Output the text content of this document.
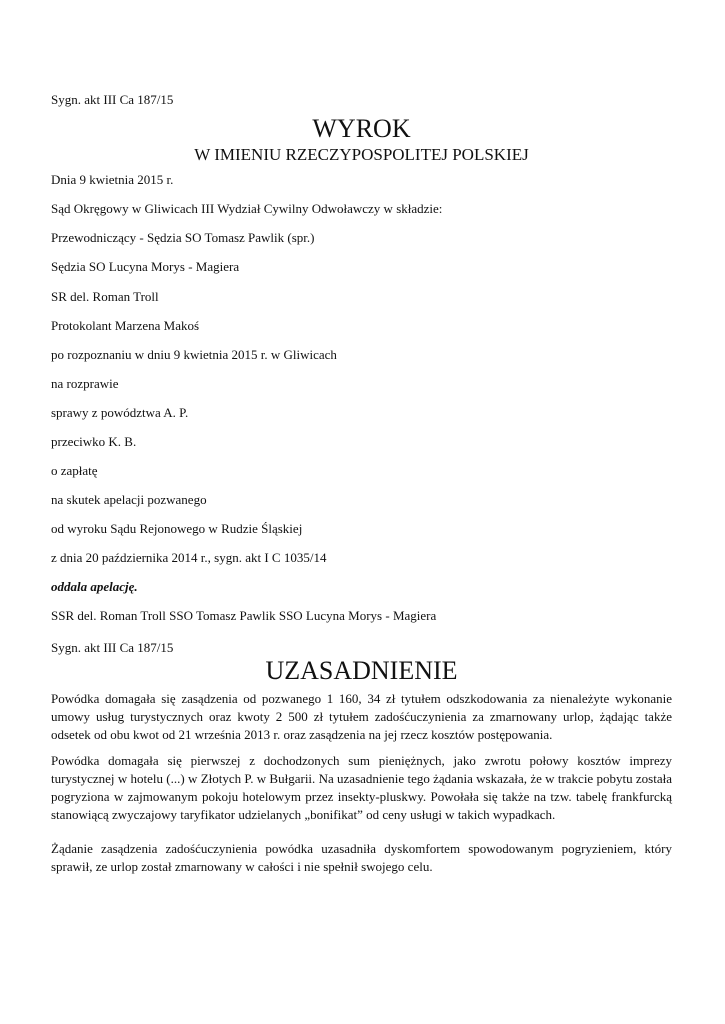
Sygn. akt III Ca 187/15
WYROK
W IMIENIU RZECZYPOSPOLITEJ POLSKIEJ
Dnia 9 kwietnia 2015 r.
Sąd Okręgowy w Gliwicach III Wydział Cywilny Odwoławczy w składzie:
Przewodniczący - Sędzia SO Tomasz Pawlik (spr.)
Sędzia SO Lucyna Morys - Magiera
SR del. Roman Troll
Protokolant Marzena Makoś
po rozpoznaniu w dniu 9 kwietnia 2015 r. w Gliwicach
na rozprawie
sprawy z powództwa A. P.
przeciwko K. B.
o zapłatę
na skutek apelacji pozwanego
od wyroku Sądu Rejonowego w Rudzie Śląskiej
z dnia 20 października 2014 r., sygn. akt I C 1035/14
oddala apelację.
SSR del. Roman Troll SSO Tomasz Pawlik SSO Lucyna Morys - Magiera
Sygn. akt III Ca 187/15
UZASADNIENIE
Powódka domagała się zasądzenia od pozwanego 1 160, 34 zł tytułem odszkodowania za nienależyte wykonanie umowy usług turystycznych oraz kwoty 2 500 zł tytułem zadośćuczynienia za zmarnowany urlop, żądając także odsetek od obu kwot od 21 września 2013 r. oraz zasądzenia na jej rzecz kosztów postępowania.
Powódka domagała się pierwszej z dochodzonych sum pieniężnych, jako zwrotu połowy kosztów imprezy turystycznej w hotelu (...) w Złotych P. w Bułgarii. Na uzasadnienie tego żądania wskazała, że w trakcie pobytu została pogryziona w zajmowanym pokoju hotelowym przez insekty-pluskwy. Powołała się także na tzw. tabelę frankfurcką stanowiącą zwyczajowy taryfikator udzielanych „bonifikat” od ceny usługi w takich wypadkach.
Żądanie zasądzenia zadośćuczynienia powódka uzasadniła dyskomfortem spowodowanym pogryzieniem, który sprawił, ze urlop został zmarnowany w całości i nie spełnił swojego celu.
